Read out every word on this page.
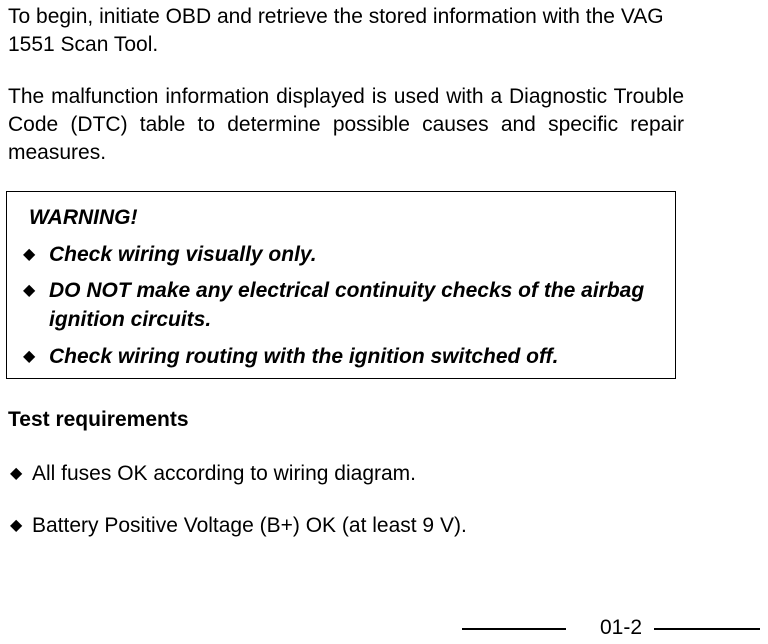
To begin, initiate OBD and retrieve the stored information with the VAG 1551 Scan Tool.

The malfunction information displayed is used with a Diagnostic Trouble Code (DTC) table to determine possible causes and specific repair measures.

WARNING!

◆ Check wiring visually only.

◆ DO NOT make any electrical continuity checks of the airbag ignition circuits.

◆ Check wiring routing with the ignition switched off.

Test requirements

◆ All fuses OK according to wiring diagram.

◆ Battery Positive Voltage (B+) OK (at least 9 V).

01-2
